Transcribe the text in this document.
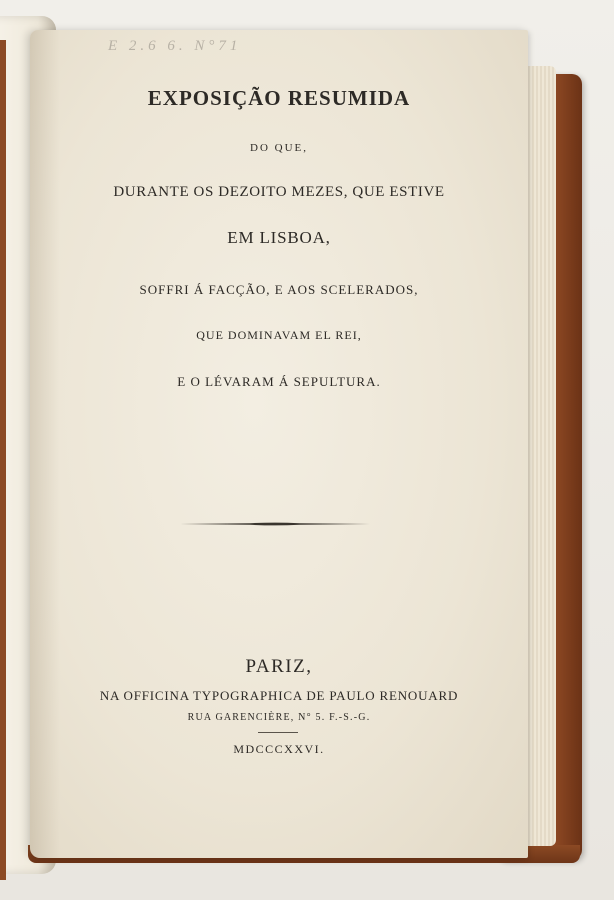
E 2.6 6. N°71

EXPOSIÇÃO RESUMIDA

DO QUE,

DURANTE OS DEZOITO MEZES, QUE ESTIVE

EM LISBOA,

SOFFRI Á FACÇÃO, E AOS SCELERADOS,

QUE DOMINAVAM EL REI,

E O LÉVARAM Á SEPULTURA.

PARIZ,

NA OFFICINA TYPOGRAPHICA DE PAULO RENOUARD

RUA GARENCIÈRE, N° 5. F.-S.-G.

MDCCCXXVI.
